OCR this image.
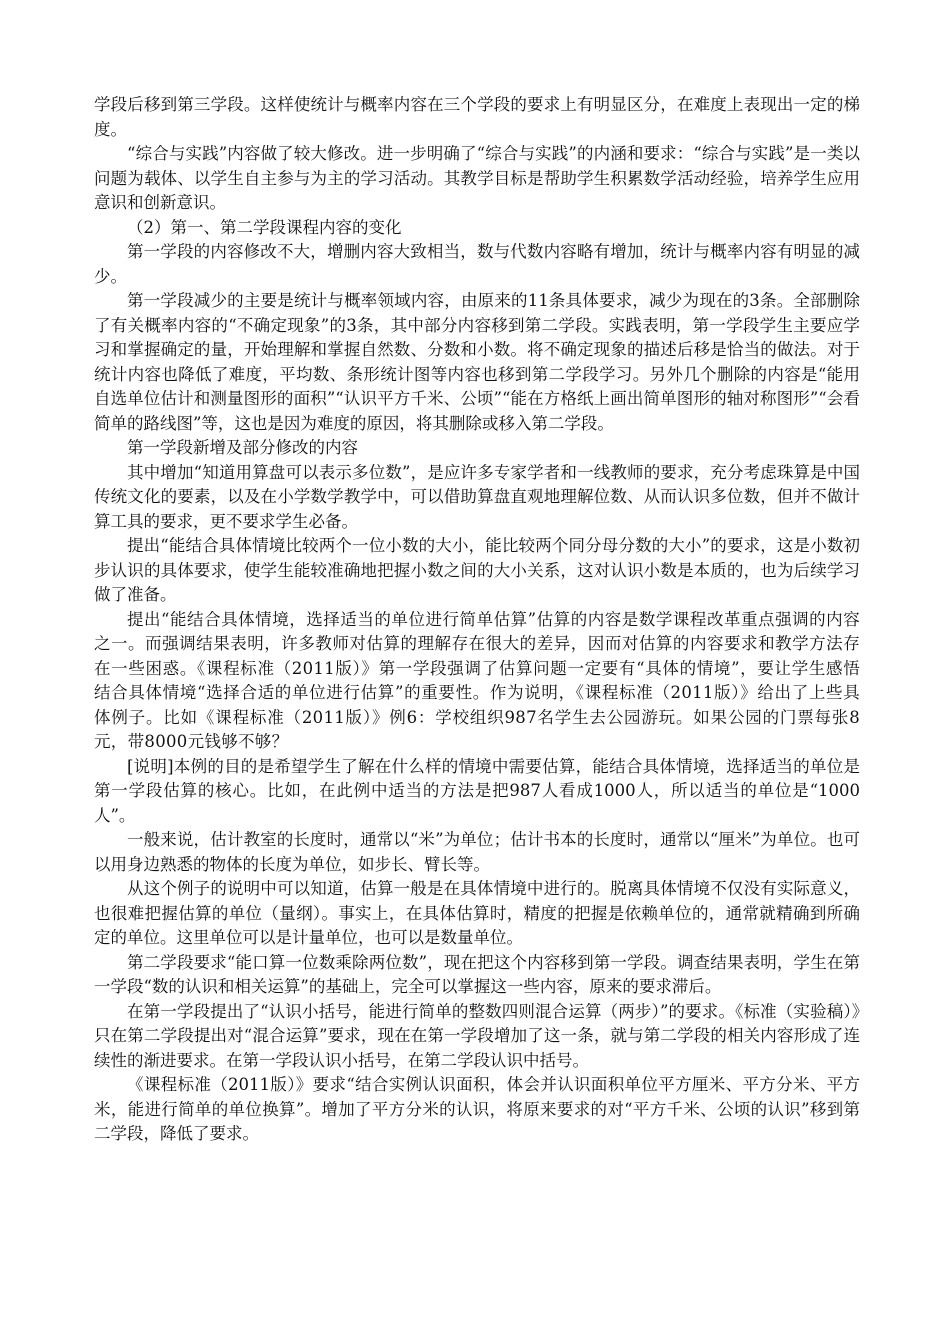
学段后移到第三学段。这样使统计与概率内容在三个学段的要求上有明显区分，在难度上表现出一定的梯度。

“综合与实践”内容做了较大修改。进一步明确了“综合与实践”的内涵和要求：“综合与实践”是一类以问题为载体、以学生自主参与为主的学习活动。其教学目标是帮助学生积累数学活动经验，培养学生应用意识和创新意识。

（2）第一、第二学段课程内容的变化

第一学段的内容修改不大，增删内容大致相当，数与代数内容略有增加，统计与概率内容有明显的减少。

第一学段减少的主要是统计与概率领域内容，由原来的11条具体要求，减少为现在的3条。全部删除了有关概率内容的“不确定现象”的3条，其中部分内容移到第二学段。实践表明，第一学段学生主要应学习和掌握确定的量，开始理解和掌握自然数、分数和小数。将不确定现象的描述后移是恰当的做法。对于统计内容也降低了难度，平均数、条形统计图等内容也移到第二学段学习。另外几个删除的内容是“能用自选单位估计和测量图形的面积”“认识平方千米、公顷”“能在方格纸上画出简单图形的轴对称图形”“会看简单的路线图”等，这也是因为难度的原因，将其删除或移入第二学段。

第一学段新增及部分修改的内容

其中增加“知道用算盘可以表示多位数”，是应许多专家学者和一线教师的要求，充分考虑珠算是中国传统文化的要素，以及在小学数学教学中，可以借助算盘直观地理解位数、从而认识多位数，但并不做计算工具的要求，更不要求学生必备。

提出“能结合具体情境比较两个一位小数的大小，能比较两个同分母分数的大小”的要求，这是小数初步认识的具体要求，使学生能较准确地把握小数之间的大小关系，这对认识小数是本质的，也为后续学习做了准备。

提出“能结合具体情境，选择适当的单位进行简单估算”估算的内容是数学课程改革重点强调的内容之一。而强调结果表明，许多教师对估算的理解存在很大的差异，因而对估算的内容要求和教学方法存在一些困惑。《课程标准（2011版）》第一学段强调了估算问题一定要有“具体的情境”，要让学生感悟结合具体情境“选择合适的单位进行估算”的重要性。作为说明，《课程标准（2011版）》给出了上些具体例子。比如《课程标准（2011版）》例6：学校组织987名学生去公园游玩。如果公园的门票每张8元，带8000元钱够不够？

[说明]本例的目的是希望学生了解在什么样的情境中需要估算，能结合具体情境，选择适当的单位是第一学段估算的核心。比如，在此例中适当的方法是把987人看成1000人，所以适当的单位是“1000人”。

一般来说，估计教室的长度时，通常以“米”为单位；估计书本的长度时，通常以“厘米”为单位。也可以用身边熟悉的物体的长度为单位，如步长、臂长等。

从这个例子的说明中可以知道，估算一般是在具体情境中进行的。脱离具体情境不仅没有实际意义，也很难把握估算的单位（量纲）。事实上，在具体估算时，精度的把握是依赖单位的，通常就精确到所确定的单位。这里单位可以是计量单位，也可以是数量单位。

第二学段要求“能口算一位数乘除两位数”，现在把这个内容移到第一学段。调查结果表明，学生在第一学段“数的认识和相关运算”的基础上，完全可以掌握这一些内容，原来的要求滞后。

在第一学段提出了“认识小括号，能进行简单的整数四则混合运算（两步）”的要求。《标准（实验稿）》只在第二学段提出对“混合运算”要求，现在在第一学段增加了这一条，就与第二学段的相关内容形成了连续性的渐进要求。在第一学段认识小括号，在第二学段认识中括号。

《课程标准（2011版）》要求“结合实例认识面积，体会并认识面积单位平方厘米、平方分米、平方米，能进行简单的单位换算”。增加了平方分米的认识，将原来要求的对“平方千米、公顷的认识”移到第二学段，降低了要求。
